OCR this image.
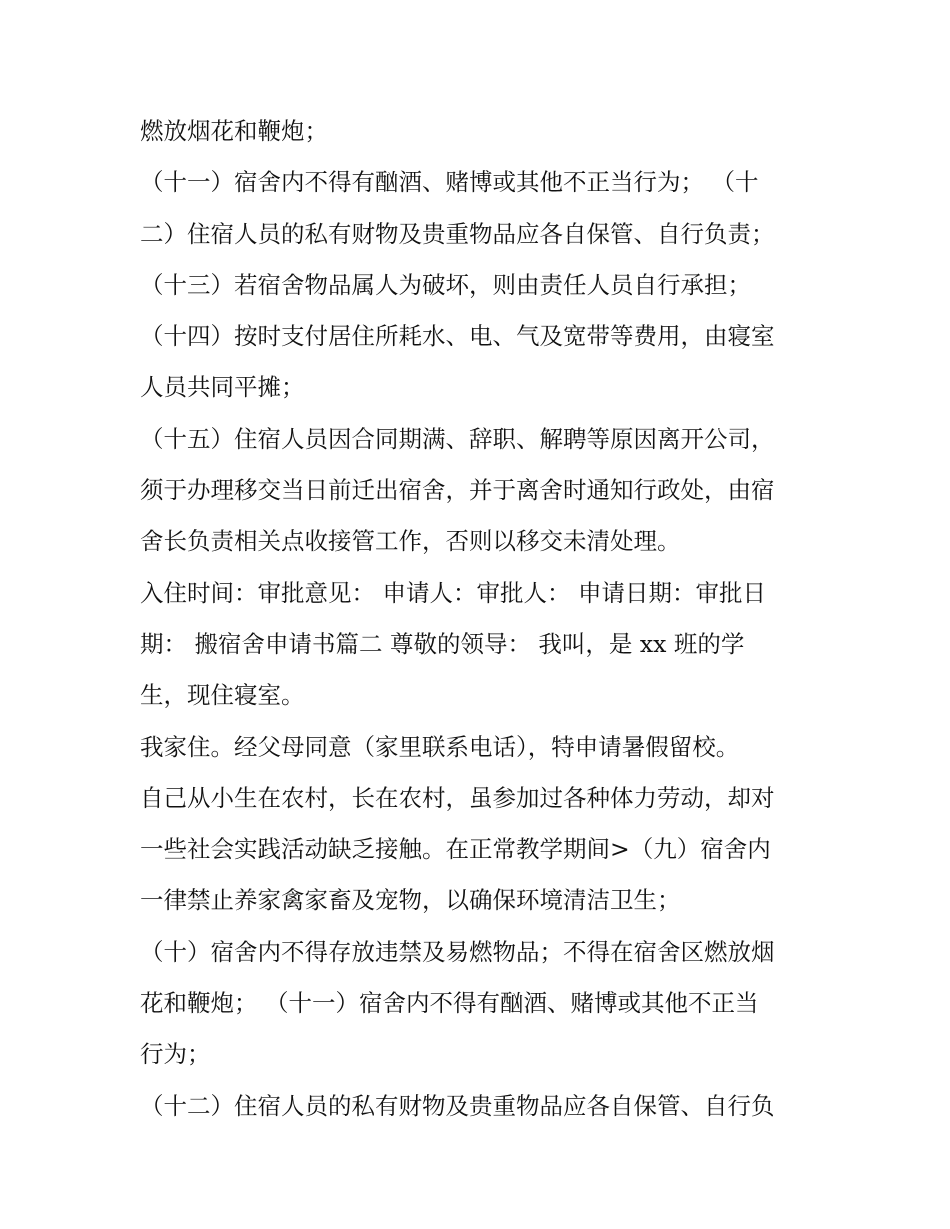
燃放烟花和鞭炮；
（十一）宿舍内不得有酗酒、赌博或其他不正当行为； （十
二）住宿人员的私有财物及贵重物品应各自保管、自行负责；
（十三）若宿舍物品属人为破坏，则由责任人员自行承担；
（十四）按时支付居住所耗水、电、气及宽带等费用，由寝室
人员共同平摊；
（十五）住宿人员因合同期满、辞职、解聘等原因离开公司，
须于办理移交当日前迁出宿舍，并于离舍时通知行政处，由宿
舍长负责相关点收接管工作，否则以移交未清处理。
入住时间：审批意见： 申请人：审批人： 申请日期：审批日
期： 搬宿舍申请书篇二 尊敬的领导： 我叫，是 xx 班的学
生，现住寝室。
我家住。经父母同意（家里联系电话），特申请暑假留校。
自己从小生在农村，长在农村，虽参加过各种体力劳动，却对
一些社会实践活动缺乏接触。在正常教学期间>（九）宿舍内
一律禁止养家禽家畜及宠物，以确保环境清洁卫生；
（十）宿舍内不得存放违禁及易燃物品；不得在宿舍区燃放烟
花和鞭炮； （十一）宿舍内不得有酗酒、赌博或其他不正当
行为；
（十二）住宿人员的私有财物及贵重物品应各自保管、自行负
